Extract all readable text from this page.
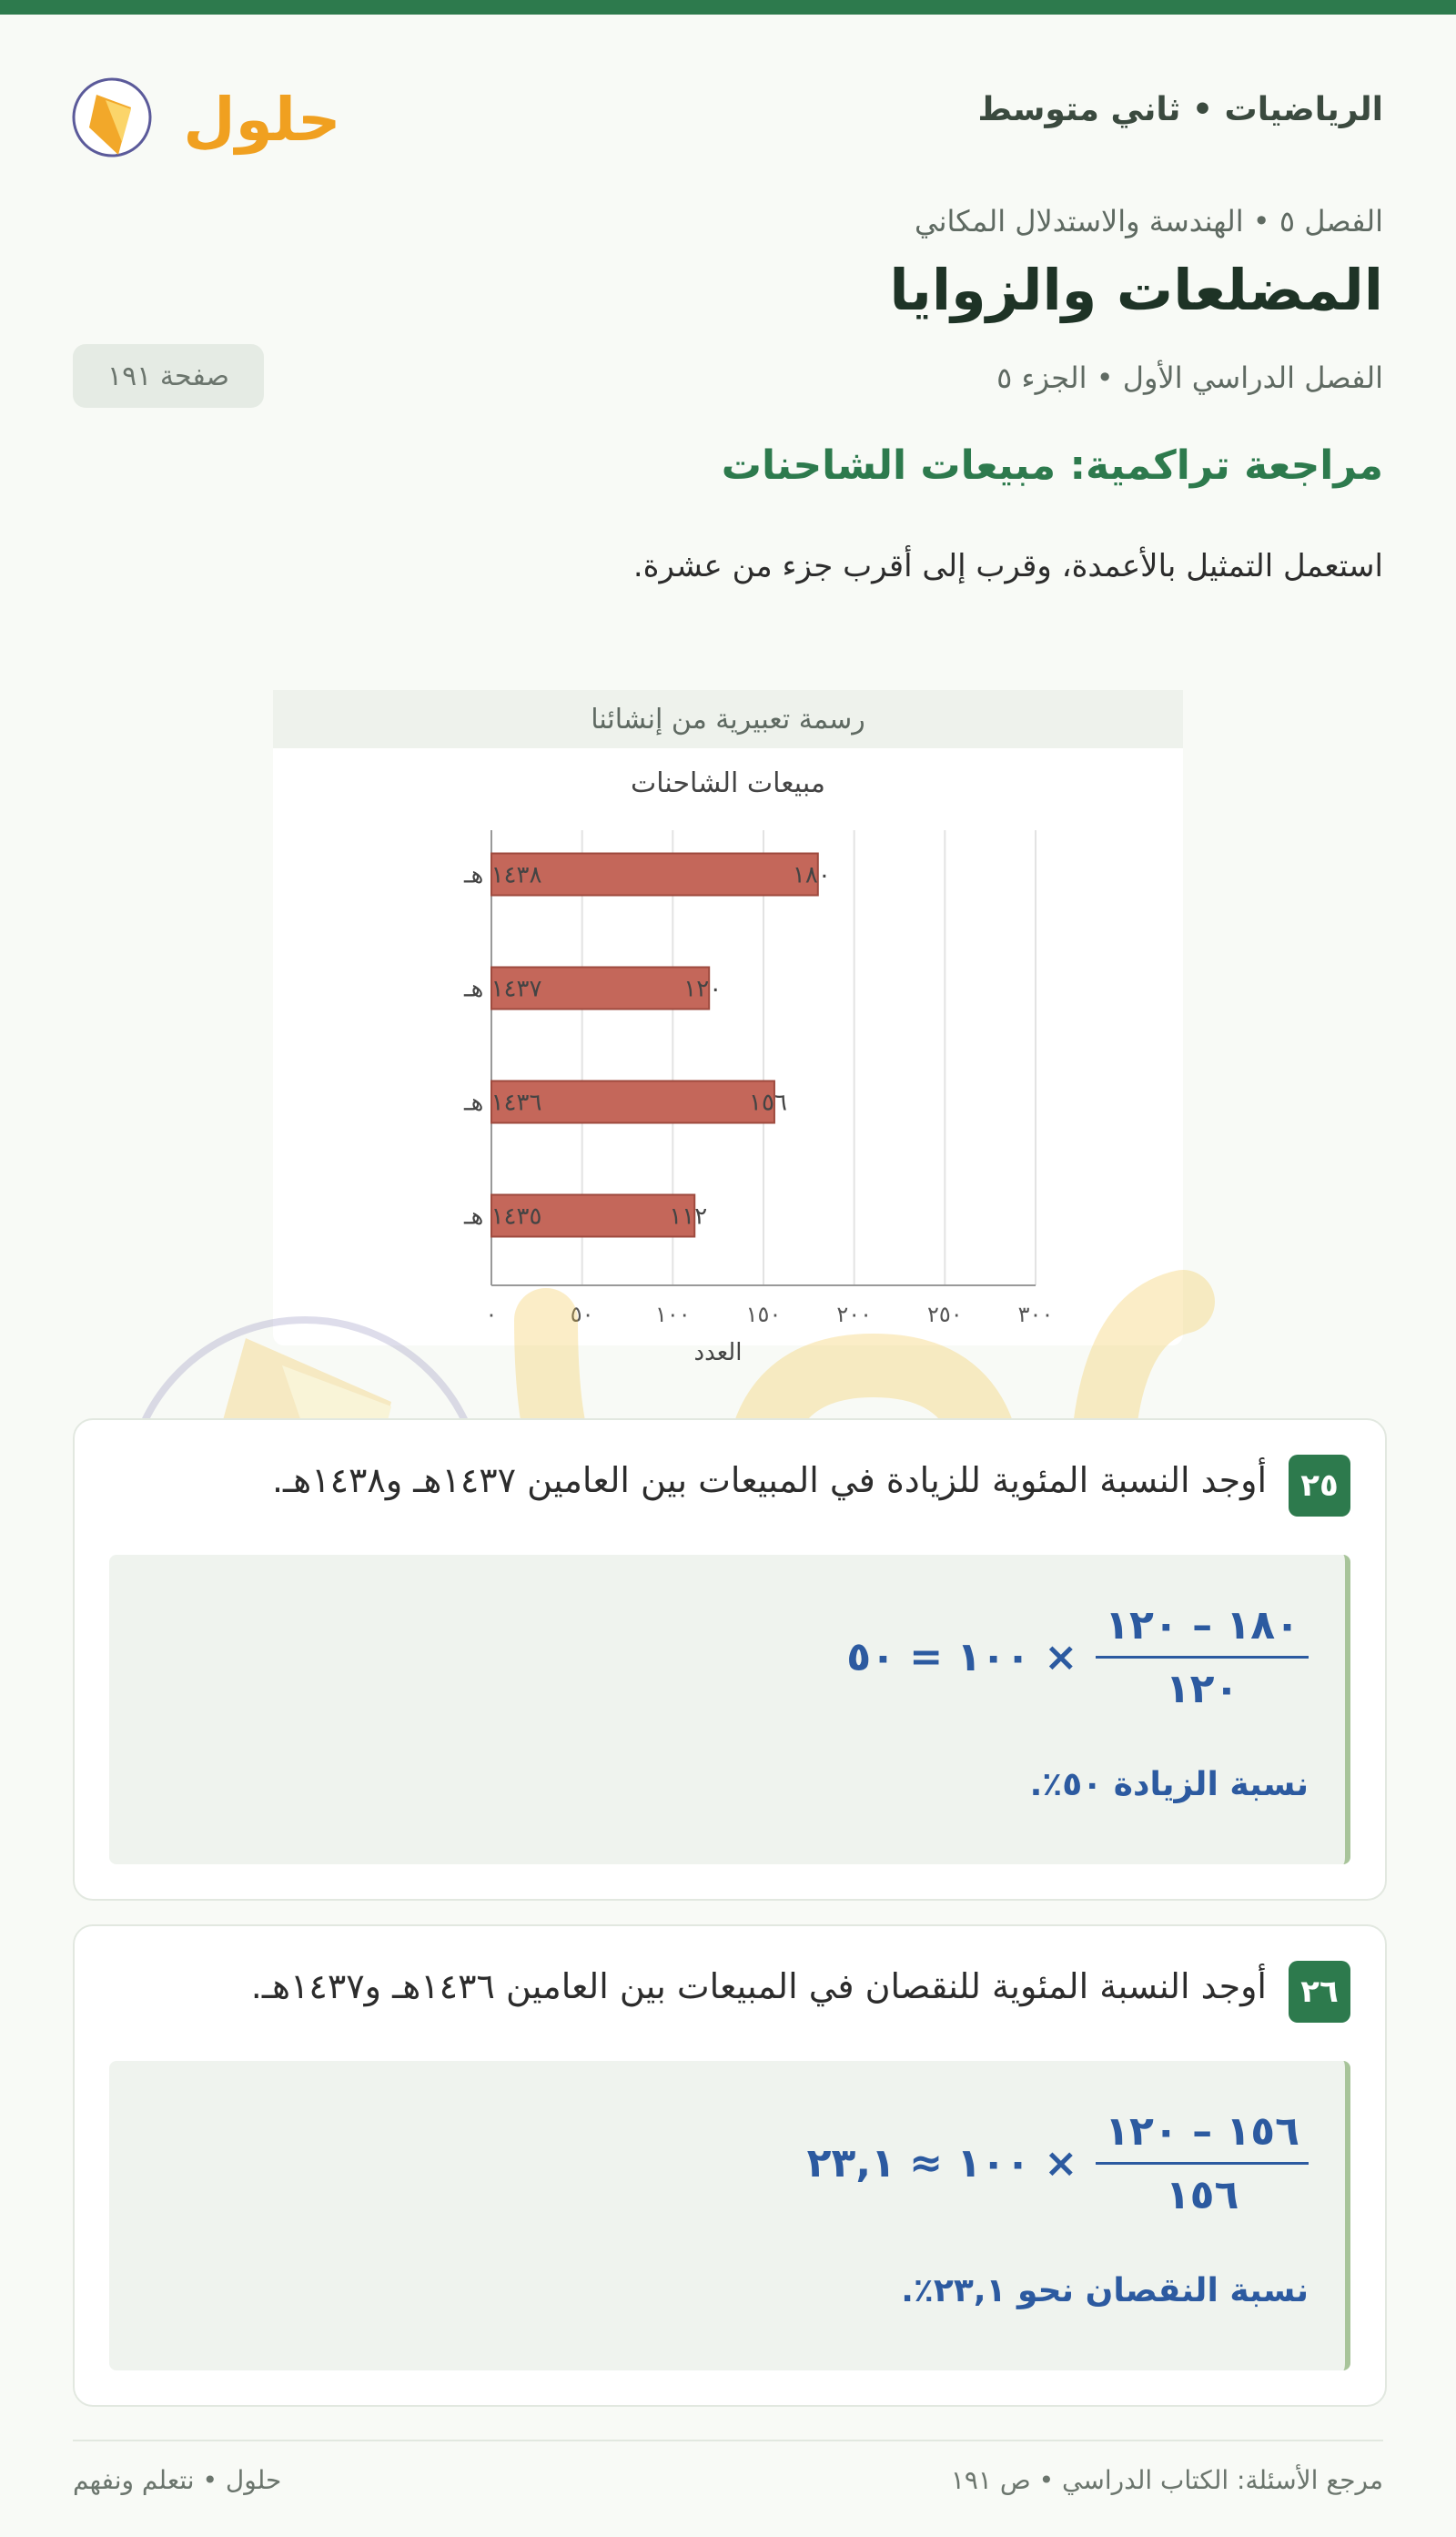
حلول	الرياضيات • ثاني متوسط
الفصل ٥ • الهندسة والاستدلال المكاني
المضلعات والزوايا
الفصل الدراسي الأول • الجزء ٥
صفحة ١٩١
مراجعة تراكمية: مبيعات الشاحنات
استعمل التمثيل بالأعمدة، وقرب إلى أقرب جزء من عشرة.
رسمة تعبيرية من إنشائنا
مبيعات الشاحنات
٠	٥٠	١٠٠	١٥٠	٢٠٠	٢٥٠	٣٠٠
١١٢
١٤٣٥ هـ
١٥٦
١٤٣٦ هـ
١٢٠
١٤٣٧ هـ
١٨٠
١٤٣٨ هـ
العدد
٢٥
أوجد النسبة المئوية للزيادة في المبيعات بين العامين ١٤٣٧هـ و١٤٣٨هـ.
$\frac{١٨٠ - ١٢٠}{١٢٠}$
× ١٠٠ = ٥٠
نسبة الزيادة ٥٠٪.
٢٦
أوجد النسبة المئوية للنقصان في المبيعات بين العامين ١٤٣٦هـ و١٤٣٧هـ.
$\frac{١٥٦ - ١٢٠}{١٥٦}$
× ١٠٠ ≈ ٢٣,١
نسبة النقصان نحو ٢٣,١٪.
مرجع الأسئلة: الكتاب الدراسي • ص ١٩١
حلول • نتعلم ونفهم
